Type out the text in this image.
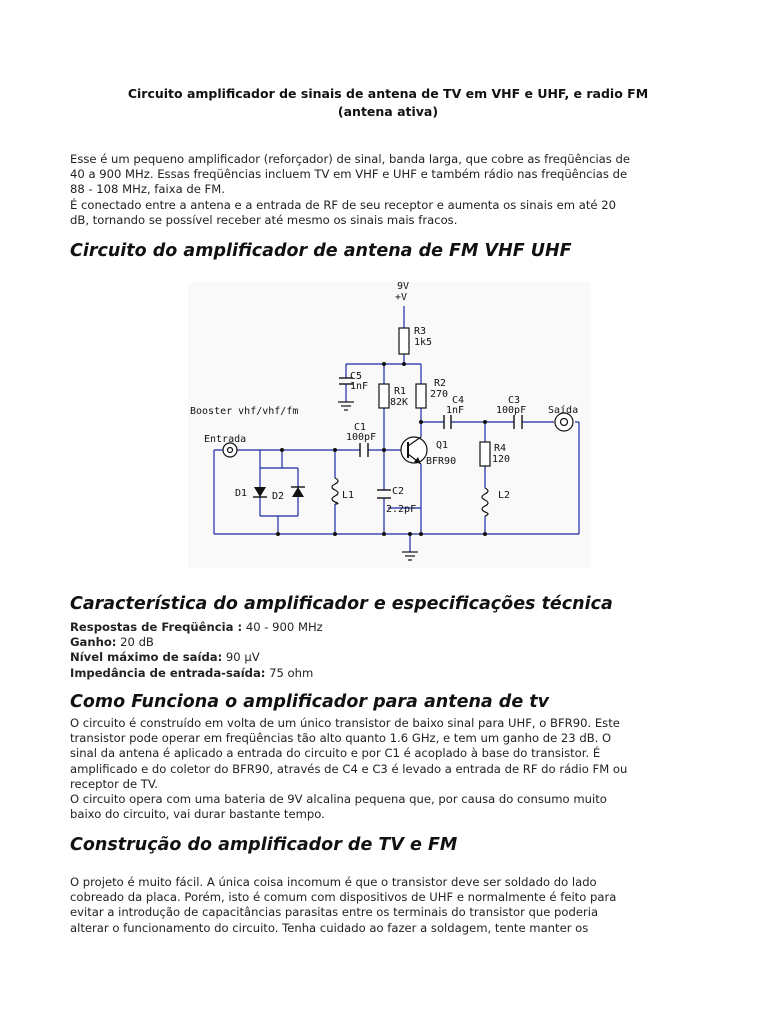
Circuito amplificador de sinais de antena de TV em VHF e UHF, e radio FM
(antena ativa)
Esse é um pequeno amplificador (reforçador) de sinal, banda larga, que cobre as freqüências de
40 a 900 MHz. Essas freqüências incluem TV em VHF e UHF e também rádio nas freqüências de
88 - 108 MHz, faixa de FM.
É conectado entre a antena e a entrada de RF de seu receptor e aumenta os sinais em até 20
dB, tornando se possível receber até mesmo os sinais mais fracos.
Circuito do amplificador de antena de FM VHF UHF
9V
+V
R3
1k5
C5
1nF	R1
82K
R2
270
C4
1nF
C3
100pF Saída
Booster vhf/vhf/fm
Entrada
C1
100pF
Q1
BFR90
R4
120
D1 D2	L1	C2
2.2pF
L2
Característica do amplificador e especificações técnica
Respostas de Freqüência : 40 - 900 MHz
Ganho: 20 dB
Nível máximo de saída: 90 μV
Impedância de entrada-saída: 75 ohm
Como Funciona o amplificador para antena de tv
O circuito é construído em volta de um único transistor de baixo sinal para UHF, o BFR90. Este
transistor pode operar em freqüências tão alto quanto 1.6 GHz, e tem um ganho de 23 dB. O
sinal da antena é aplicado a entrada do circuito e por C1 é acoplado à base do transistor. É
amplificado e do coletor do BFR90, através de C4 e C3 é levado a entrada de RF do rádio FM ou
receptor de TV.
O circuito opera com uma bateria de 9V alcalina pequena que, por causa do consumo muito
baixo do circuito, vai durar bastante tempo.
Construção do amplificador de TV e FM
O projeto é muito fácil. A única coisa incomum é que o transistor deve ser soldado do lado
cobreado da placa. Porém, isto é comum com dispositivos de UHF e normalmente é feito para
evitar a introdução de capacitâncias parasitas entre os terminais do transistor que poderia
alterar o funcionamento do circuito. Tenha cuidado ao fazer a soldagem, tente manter os
